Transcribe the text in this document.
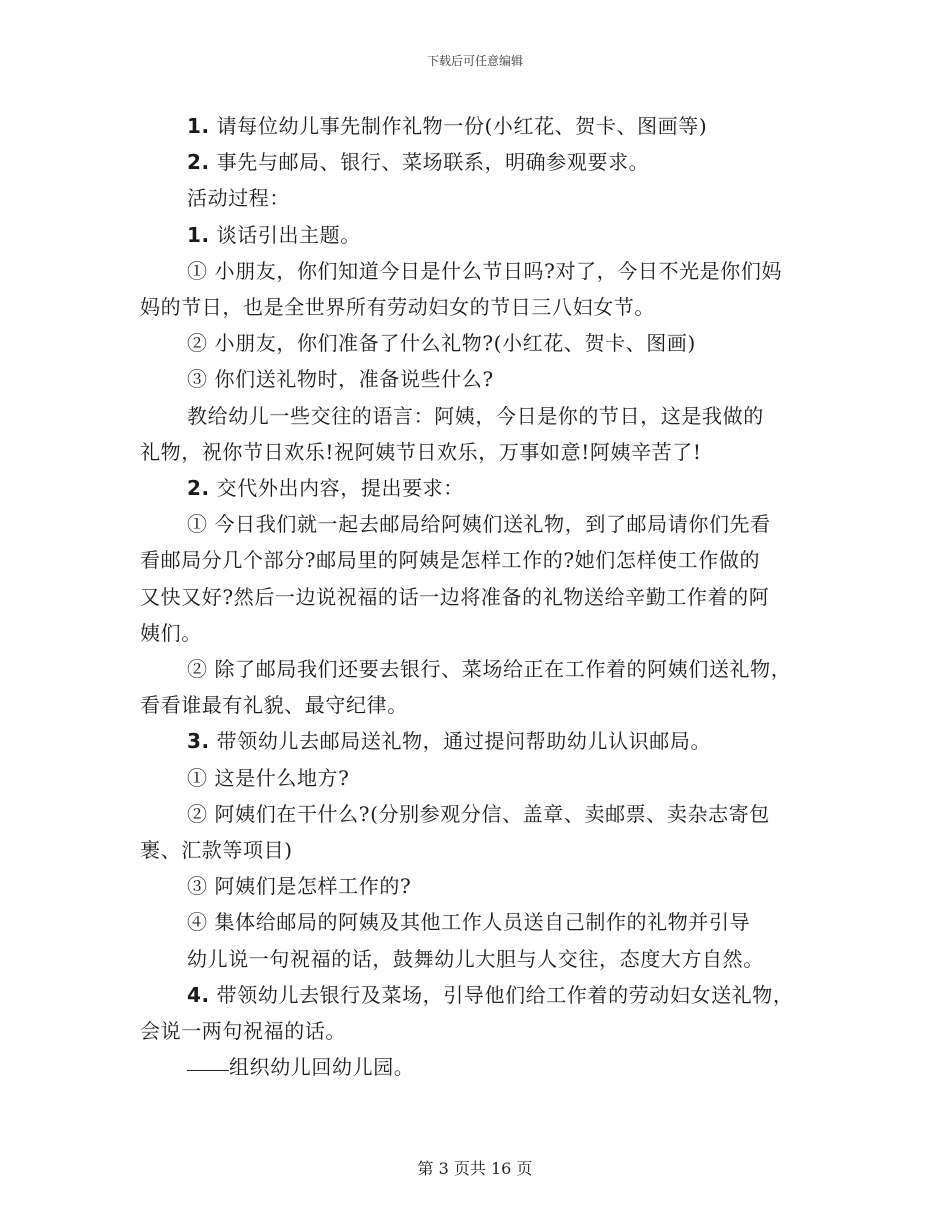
下载后可任意编辑
1. 请每位幼儿事先制作礼物一份(小红花、贺卡、图画等)
2. 事先与邮局、银行、菜场联系，明确参观要求。
活动过程：
1. 谈话引出主题。
① 小朋友，你们知道今日是什么节日吗?对了，今日不光是你们妈
妈的节日，也是全世界所有劳动妇女的节日三八妇女节。
② 小朋友，你们准备了什么礼物?(小红花、贺卡、图画)
③ 你们送礼物时，准备说些什么?
教给幼儿一些交往的语言：阿姨，今日是你的节日，这是我做的
礼物，祝你节日欢乐!祝阿姨节日欢乐，万事如意!阿姨辛苦了!
2. 交代外出内容，提出要求：
① 今日我们就一起去邮局给阿姨们送礼物，到了邮局请你们先看
看邮局分几个部分?邮局里的阿姨是怎样工作的?她们怎样使工作做的
又快又好?然后一边说祝福的话一边将准备的礼物送给辛勤工作着的阿
姨们。
② 除了邮局我们还要去银行、菜场给正在工作着的阿姨们送礼物，
看看谁最有礼貌、最守纪律。
3. 带领幼儿去邮局送礼物，通过提问帮助幼儿认识邮局。
① 这是什么地方?
② 阿姨们在干什么?(分别参观分信、盖章、卖邮票、卖杂志寄包
裹、汇款等项目)
③ 阿姨们是怎样工作的?
④ 集体给邮局的阿姨及其他工作人员送自己制作的礼物并引导
幼儿说一句祝福的话，鼓舞幼儿大胆与人交往，态度大方自然。
4. 带领幼儿去银行及菜场，引导他们给工作着的劳动妇女送礼物，
会说一两句祝福的话。
组织幼儿回幼儿园。
第 3 页共 16 页
